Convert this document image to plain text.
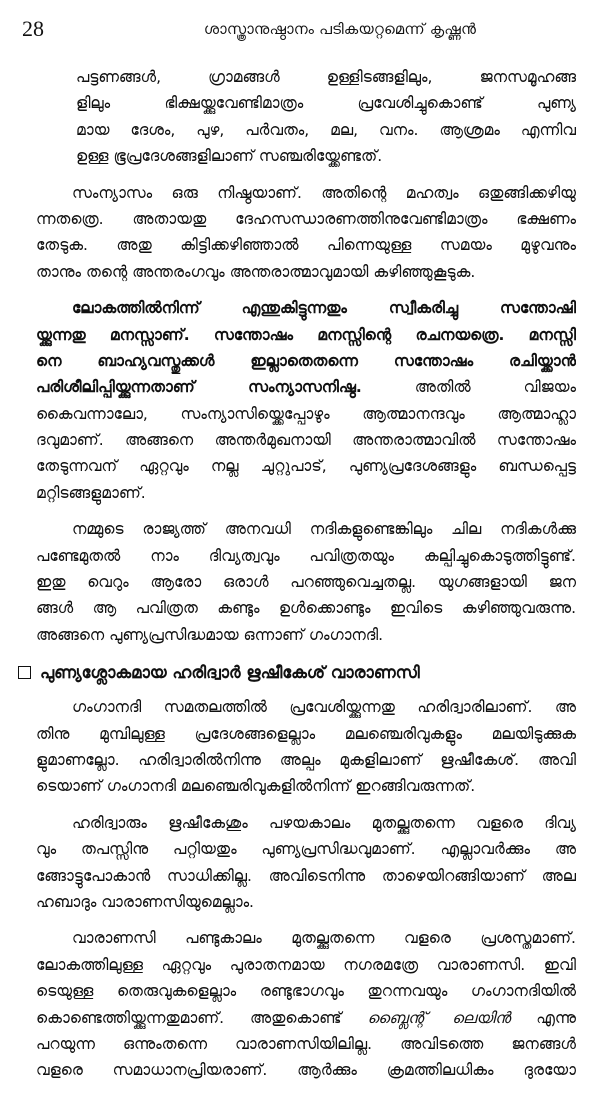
28	ശാസ്ത്രാനുഷ്ഠാനം പടികയറ്റമെന്ന് കൃഷ്ണൻ
പട്ടണങ്ങൾ, ഗ്രാമങ്ങൾ ഉള്ളിടങ്ങളിലും, ജനസമൂഹങ്ങ
ളിലും ഭിക്ഷയ്ക്കുവേണ്ടിമാത്രം പ്രവേശിച്ചുകൊണ്ട് പുണ്യ
മായ ദേശം, പുഴ, പർവതം, മല, വനം. ആശ്രമം എന്നിവ
ഉള്ള ഭൂപ്രദേശങ്ങളിലാണ് സഞ്ചരിയ്ക്കേണ്ടത്.
സംന്യാസം ഒരു നിഷ്ഠയാണ്. അതിന്റെ മഹത്വം ഒതുങ്ങിക്കഴിയു
ന്നതത്രെ. അതായതു ദേഹസന്ധാരണത്തിനുവേണ്ടിമാത്രം ഭക്ഷണം
തേടുക. അതു കിട്ടിക്കഴിഞ്ഞാൽ പിന്നെയുള്ള സമയം മുഴുവനും
താനും തന്റെ അന്തരംഗവും അന്തരാത്മാവുമായി കഴിഞ്ഞുകൂടുക.
ലോകത്തിൽനിന്ന് എന്തുകിട്ടുന്നതും സ്വീകരിച്ചു സന്തോഷി
യ്ക്കുന്നതു മനസ്സാണ്. സന്തോഷം മനസ്സിന്റെ രചനയത്രെ. മനസ്സി
നെ ബാഹ്യവസ്തുക്കൾ ഇല്ലാതെതന്നെ സന്തോഷം രചിയ്ക്കാൻ
പരിശീലിപ്പിയ്ക്കുന്നതാണ് സംന്യാസനിഷ്ഠ. അതിൽ വിജയം
കൈവന്നാലോ, സംന്യാസിയ്ക്കെപ്പോഴും ആത്മാനന്ദവും ആത്മാഹ്ലാ
ദവുമാണ്. അങ്ങനെ അന്തർമുഖനായി അന്തരാത്മാവിൽ സന്തോഷം
തേടുന്നവന് ഏറ്റവും നല്ല ചുറ്റുപാട്, പുണ്യപ്രദേശങ്ങളും ബന്ധപ്പെട്ട
മറ്റിടങ്ങളുമാണ്.
നമ്മുടെ രാജ്യത്ത് അനവധി നദികളുണ്ടെങ്കിലും ചില നദികൾക്കു
പണ്ടേമുതൽ നാം ദിവ്യത്വവും പവിത്രതയും കല്പിച്ചുകൊടുത്തിട്ടുണ്ട്.
ഇതു വെറും ആരോ ഒരാൾ പറഞ്ഞുവെച്ചതല്ല. യുഗങ്ങളായി ജന
ങ്ങൾ ആ പവിത്രത കണ്ടും ഉൾക്കൊണ്ടും ഇവിടെ കഴിഞ്ഞുവരുന്നു.
അങ്ങനെ പുണ്യപ്രസിദ്ധമായ ഒന്നാണ് ഗംഗാനദി.
പുണ്യശ്ലോകമായ ഹരിദ്വാർ ഋഷീകേശ് വാരാണസി
ഗംഗാനദി സമതലത്തിൽ പ്രവേശിയ്ക്കുന്നതു ഹരിദ്വാരിലാണ്. അ
തിനു മുമ്പിലുള്ള പ്രദേശങ്ങളെല്ലാം മലഞ്ചെരിവുകളും മലയിടുക്കുക
ളുമാണല്ലോ. ഹരിദ്വാരിൽനിന്നു അല്പം മുകളിലാണ് ഋഷീകേശ്. അവി
ടെയാണ് ഗംഗാനദി മലഞ്ചെരിവുകളിൽനിന്ന് ഇറങ്ങിവരുന്നത്.
ഹരിദ്വാരും ഋഷീകേശും പഴയകാലം മുതല്ക്കുതന്നെ വളരെ ദിവ്യ
വും തപസ്സിനു പറ്റിയതും പുണ്യപ്രസിദ്ധവുമാണ്. എല്ലാവർക്കും അ
ങ്ങോട്ടുപോകാൻ സാധിക്കില്ല. അവിടെനിന്നു താഴെയിറങ്ങിയാണ് അല
ഹബാദും വാരാണസിയുമെല്ലാം.
വാരാണസി പണ്ടുകാലം മുതല്ക്കുതന്നെ വളരെ പ്രശസ്തമാണ്.
ലോകത്തിലുള്ള ഏറ്റവും പുരാതനമായ നഗരമത്രേ വാരാണസി. ഇവി
ടെയുള്ള തെരുവുകളെല്ലാം രണ്ടുഭാഗവും തുറന്നവയും ഗംഗാനദിയിൽ
കൊണ്ടെത്തിയ്ക്കുന്നതുമാണ്. അതുകൊണ്ട് ബ്ലൈന്റ് ലെയിൻ എന്നു
പറയുന്ന ഒന്നുംതന്നെ വാരാണസിയിലില്ല. അവിടത്തെ ജനങ്ങൾ
വളരെ സമാധാനപ്രിയരാണ്. ആർക്കും ക്രമത്തിലധികം ദുരയോ
